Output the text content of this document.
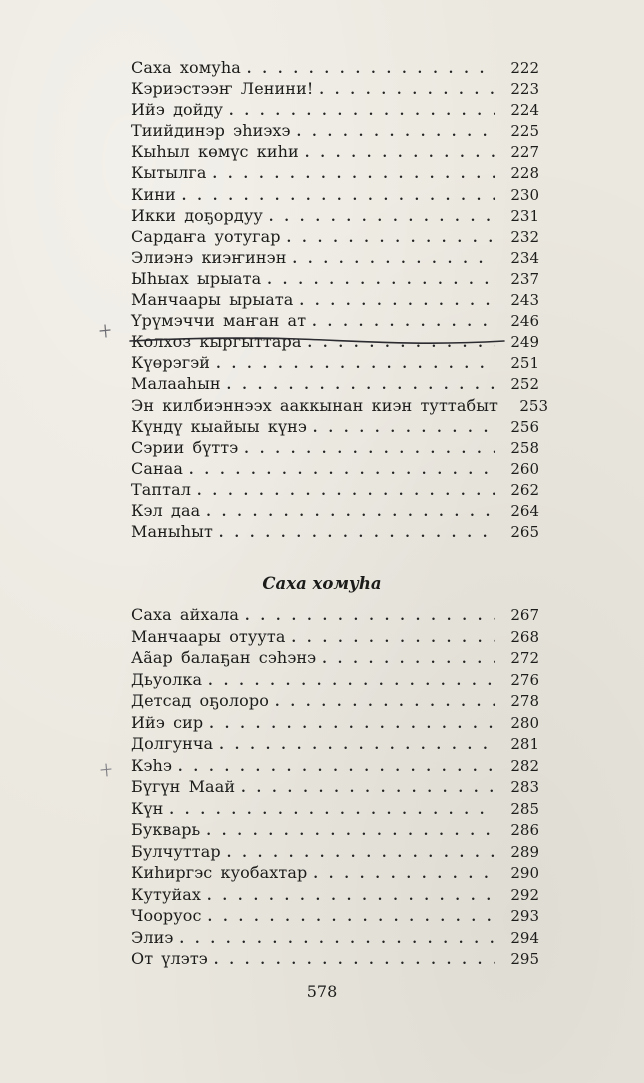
Саха хомуһа .....	222
Кэриэстээҥ Ленини! .....	223
Ийэ дойду .....	224
Тиийдинэр эһиэхэ .....	225
Кыһыл көмүс киһи .....	227
Кытылга .....	228
Кини .....	230
Икки доҕордуу .....	231
Сардаҥа уотугар .....	232
Элиэнэ киэҥинэн .....	234
Ыһыах ырыата .....	237
Манчаары ырыата .....	243
Үрүмэччи маҥан ат .....	246
Колхоз кыргыттара .....	249
Күөрэгэй .....	251
Малааһын .....	252
Эн килбиэннээх ааккынан киэн туттабыт	253
Күндү кыайыы күнэ .....	256
Сэрии бүттэ .....	258
Санаа .....	260
Таптал .....	262
Кэл даа .....	264
Маныһыт .....	265
Саха хомуһа
Саха айхала .....	267
Манчаары отуута .....	268
Аа̃ар балаҕан сэһэнэ .....	272
Дьуолка .....	276
Детсад оҕолоро .....	278
Ийэ сир .....	280
Долгунча .....	281
Кэһэ .....	282
Бүгүн Маай .....	283
Күн .....	285
Букварь .....	286
Булчуттар .....	289
Киһиргэс куобахтар .....	290
Кутуйах .....	292
Чооруос .....	293
Элиэ .....	294
От үлэтэ .....	295

578
